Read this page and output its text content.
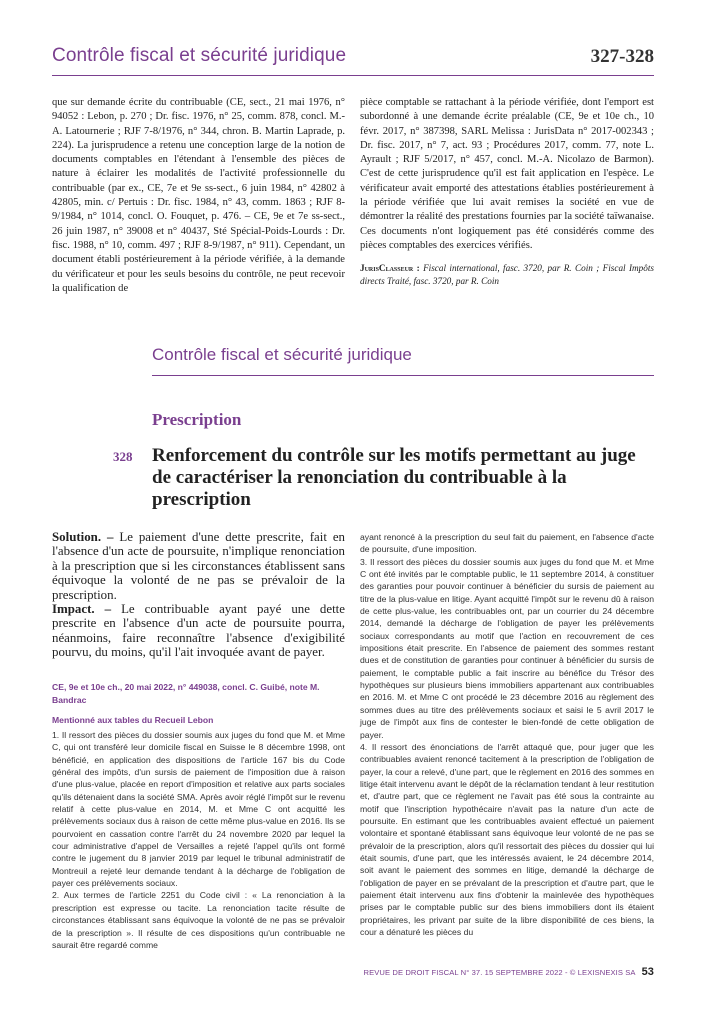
Contrôle fiscal et sécurité juridique	327-328

que sur demande écrite du contribuable (CE, sect., 21 mai 1976, n° 94052 : Lebon, p. 270 ; Dr. fisc. 1976, n° 25, comm. 878, concl. M.-A. Latournerie ; RJF 7-8/1976, n° 344, chron. B. Martin Laprade, p. 224). La jurisprudence a retenu une conception large de la notion de documents comptables en l'étendant à l'ensemble des pièces de nature à éclairer les modalités de l'activité professionnelle du contribuable (par ex., CE, 7e et 9e ss-sect., 6 juin 1984, n° 42802 à 42805, min. c/ Pertuis : Dr. fisc. 1984, n° 43, comm. 1863 ; RJF 8-9/1984, n° 1014, concl. O. Fouquet, p. 476. – CE, 9e et 7e ss-sect., 26 juin 1987, n° 39008 et n° 40437, Sté Spécial-Poids-Lourds : Dr. fisc. 1988, n° 10, comm. 497 ; RJF 8-9/1987, n° 911). Cependant, un document établi postérieurement à la période vérifiée, à la demande du vérificateur et pour les seuls besoins du contrôle, ne peut recevoir la qualification de

pièce comptable se rattachant à la période vérifiée, dont l'emport est subordonné à une demande écrite préalable (CE, 9e et 10e ch., 10 févr. 2017, n° 387398, SARL Melissa : JurisData n° 2017-002343 ; Dr. fisc. 2017, n° 7, act. 93 ; Procédures 2017, comm. 77, note L. Ayrault ; RJF 5/2017, n° 457, concl. M.-A. Nicolazo de Barmon). C'est de cette jurisprudence qu'il est fait application en l'espèce. Le vérificateur avait emporté des attestations établies postérieurement à la période vérifiée que lui avait remises la société en vue de démontrer la réalité des prestations fournies par la société taïwanaise. Ces documents n'ont logiquement pas été considérés comme des pièces comptables des exercices vérifiés.

JurisClasseur : Fiscal international, fasc. 3720, par R. Coin ; Fiscal Impôts directs Traité, fasc. 3720, par R. Coin

Contrôle fiscal et sécurité juridique
Prescription
328 Renforcement du contrôle sur les motifs permettant au juge de caractériser la renonciation du contribuable à la prescription

Solution. – Le paiement d'une dette prescrite, fait en l'absence d'un acte de poursuite, n'implique renonciation à la prescription que si les circonstances établissent sans équivoque la volonté de ne pas se prévaloir de la prescription.

Impact. – Le contribuable ayant payé une dette prescrite en l'absence d'un acte de poursuite pourra, néanmoins, faire reconnaître l'absence d'exigibilité pourvu, du moins, qu'il l'ait invoquée avant de payer.

CE, 9e et 10e ch., 20 mai 2022, n° 449038, concl. C. Guibé, note M. Bandrac
Mentionné aux tables du Recueil Lebon

1. Il ressort des pièces du dossier soumis aux juges du fond que M. et Mme C, qui ont transféré leur domicile fiscal en Suisse le 8 décembre 1998, ont bénéficié, en application des dispositions de l'article 167 bis du Code général des impôts, d'un sursis de paiement de l'imposition due à raison d'une plus-value, placée en report d'imposition et relative aux parts sociales qu'ils détenaient dans la société SMA. Après avoir réglé l'impôt sur le revenu relatif à cette plus-value en 2014, M. et Mme C ont acquitté les prélèvements sociaux dus à raison de cette même plus-value en 2016. Ils se pourvoient en cassation contre l'arrêt du 24 novembre 2020 par lequel la cour administrative d'appel de Versailles a rejeté l'appel qu'ils ont formé contre le jugement du 8 janvier 2019 par lequel le tribunal administratif de Montreuil a rejeté leur demande tendant à la décharge de l'obligation de payer ces prélèvements sociaux.

2. Aux termes de l'article 2251 du Code civil : « La renonciation à la prescription est expresse ou tacite. La renonciation tacite résulte de circonstances établissant sans équivoque la volonté de ne pas se prévaloir de la prescription ». Il résulte de ces dispositions qu'un contribuable ne saurait être regardé comme

ayant renoncé à la prescription du seul fait du paiement, en l'absence d'acte de poursuite, d'une imposition.

3. Il ressort des pièces du dossier soumis aux juges du fond que M. et Mme C ont été invités par le comptable public, le 11 septembre 2014, à constituer des garanties pour pouvoir continuer à bénéficier du sursis de paiement au titre de la plus-value en litige. Ayant acquitté l'impôt sur le revenu dû à raison de cette plus-value, les contribuables ont, par un courrier du 24 décembre 2014, demandé la décharge de l'obligation de payer les prélèvements sociaux correspondants au motif que l'action en recouvrement de ces impositions était prescrite. En l'absence de paiement des sommes restant dues et de constitution de garanties pour continuer à bénéficier du sursis de paiement, le comptable public a fait inscrire au bénéfice du Trésor des hypothèques sur plusieurs biens immobiliers appartenant aux contribuables en 2016. M. et Mme C ont procédé le 23 décembre 2016 au règlement des sommes dues au titre des prélèvements sociaux et saisi le 5 avril 2017 le juge de l'impôt aux fins de contester le bien-fondé de cette obligation de payer.

4. Il ressort des énonciations de l'arrêt attaqué que, pour juger que les contribuables avaient renoncé tacitement à la prescription de l'obligation de payer, la cour a relevé, d'une part, que le règlement en 2016 des sommes en litige était intervenu avant le dépôt de la réclamation tendant à leur restitution et, d'autre part, que ce règlement ne l'avait pas été sous la contrainte au motif que l'inscription hypothécaire n'avait pas la nature d'un acte de poursuite. En estimant que les contribuables avaient effectué un paiement volontaire et spontané établissant sans équivoque leur volonté de ne pas se prévaloir de la prescription, alors qu'il ressortait des pièces du dossier qui lui était soumis, d'une part, que les intéressés avaient, le 24 décembre 2014, soit avant le paiement des sommes en litige, demandé la décharge de l'obligation de payer en se prévalant de la prescription et d'autre part, que le paiement était intervenu aux fins d'obtenir la mainlevée des hypothèques prises par le comptable public sur des biens immobiliers dont ils étaient propriétaires, les privant par suite de la libre disponibilité de ces biens, la cour a dénaturé les pièces du

REVUE DE DROIT FISCAL N° 37. 15 SEPTEMBRE 2022 - © LEXISNEXIS SA 53
